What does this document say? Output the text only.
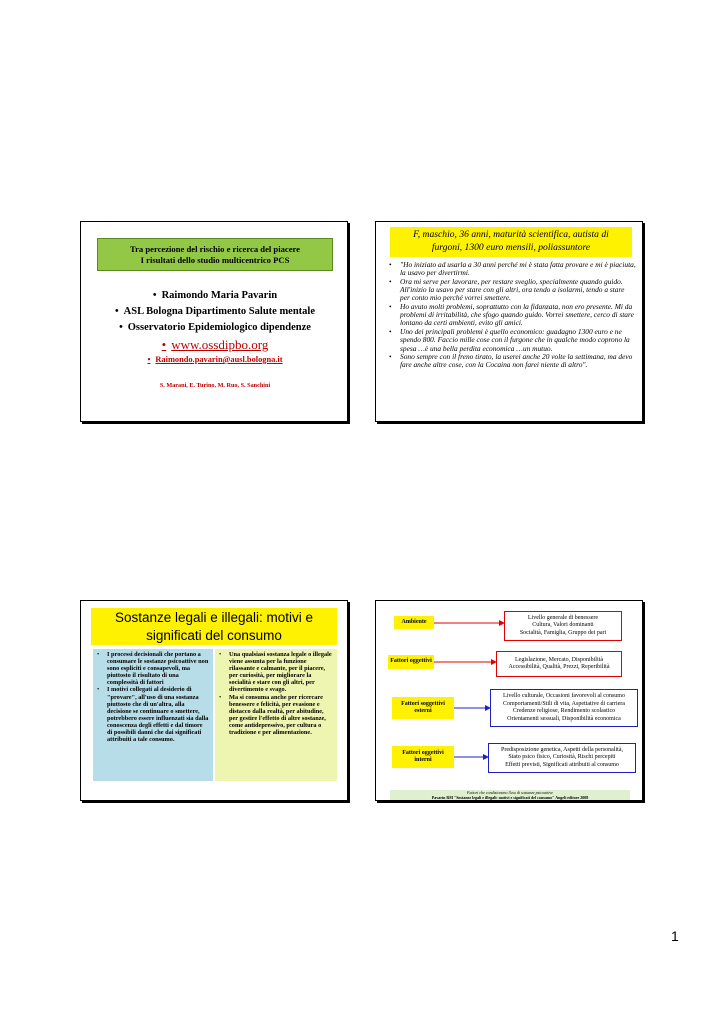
Tra percezione del rischio e ricerca del piacere
I risultati dello studio multicentrico PCS
• Raimondo Maria Pavarin
• ASL Bologna Dipartimento Salute mentale
• Osservatorio Epidemiologico dipendenze
• www.ossdipbo.org
• Raimondo.pavarin@ausl.bologna.it
S. Marani, E. Turino, M. Ruo, S. Sanchini
F, maschio, 36 anni, maturità scientifica, autista di
furgoni, 1300 euro mensili, poliassuntore
• "Ho iniziato ad usarla a 30 anni perché mi è stata fatta provare e mi è piaciuta, la usavo per divertirmi.
• Ora mi serve per lavorare, per restare sveglio, specialmente quando guido. All'inizio la usavo per stare con gli altri, ora tendo a isolarmi, tendo a stare per conto mio perché vorrei smettere.
• Ho avuto molti problemi, soprattutto con la fidanzata, non ero presente. Mi da problemi di irritabilità, che sfogo quando guido. Vorrei smettere, cerco di stare lontano da certi ambienti, evito gli amici.
• Uno dei principali problemi è quello economico: guadagno 1300 euro e ne spendo 800. Faccio mille cose con il furgone che in qualche modo coprono la spesa …è una bella perdita economica …un mutuo.
• Sono sempre con il freno tirato, la userei anche 20 volte la settimana, ma devo fare anche altre cose, con la Cocaina non farei niente di altro".
Sostanze legali e illegali: motivi e significati del consumo
• I processi decisionali che portano a consumare le sostanze psicoattive non sono espliciti e consapevoli, ma piuttosto il risultato di una complessità di fattori
• I motivi collegati al desiderio di "provare", all'uso di una sostanza piuttosto che di un'altra, alla decisione se continuare o smettere, potrebbero essere influenzati sia dalla conoscenza degli effetti e dal timore di possibili danni che dai significati attribuiti a tale consumo.
• Una qualsiasi sostanza legale o illegale viene assunta per la funzione rilassante e calmante, per il piacere, per curiosità, per migliorare la socialità e stare con gli altri, per divertimento e svago.
• Ma si consuma anche per ricercare benessere e felicità, per evasione e distacco dalla realtà, per abitudine, per gestire l'effetto di altre sostanze, come antidepressivo, per cultura o tradizione e per alimentazione.
Ambiente
Livello generale di benessere
Cultura, Valori dominanti
Socialità, Famiglia, Gruppo dei pari
Fattori oggettivi	Legislazione, Mercato, Disponibilità
Accessibilità, Qualità, Prezzi, Reperibilità
Fattori soggettivi
esterni
Livello culturale, Occasioni favorevoli al consumo
Comportamenti/Stili di vita, Aspettative di carriera
Credenze religiose, Rendimento scolastico
Orientamenti sessuali, Disponibilità economica
Fattori oggettivi
interni
Predisposizione genetica, Aspetti della personalità,
Stato psico fisico, Curiosità, Rischi percepiti
Effetti previsti, Significati attribuiti al consumo
Fattori che condizionano l'uso di sostanze psicoattive
Pavarin RM "Sostanze legali e illegali: motivi e significati del consumo" Angeli editore 2008
1
